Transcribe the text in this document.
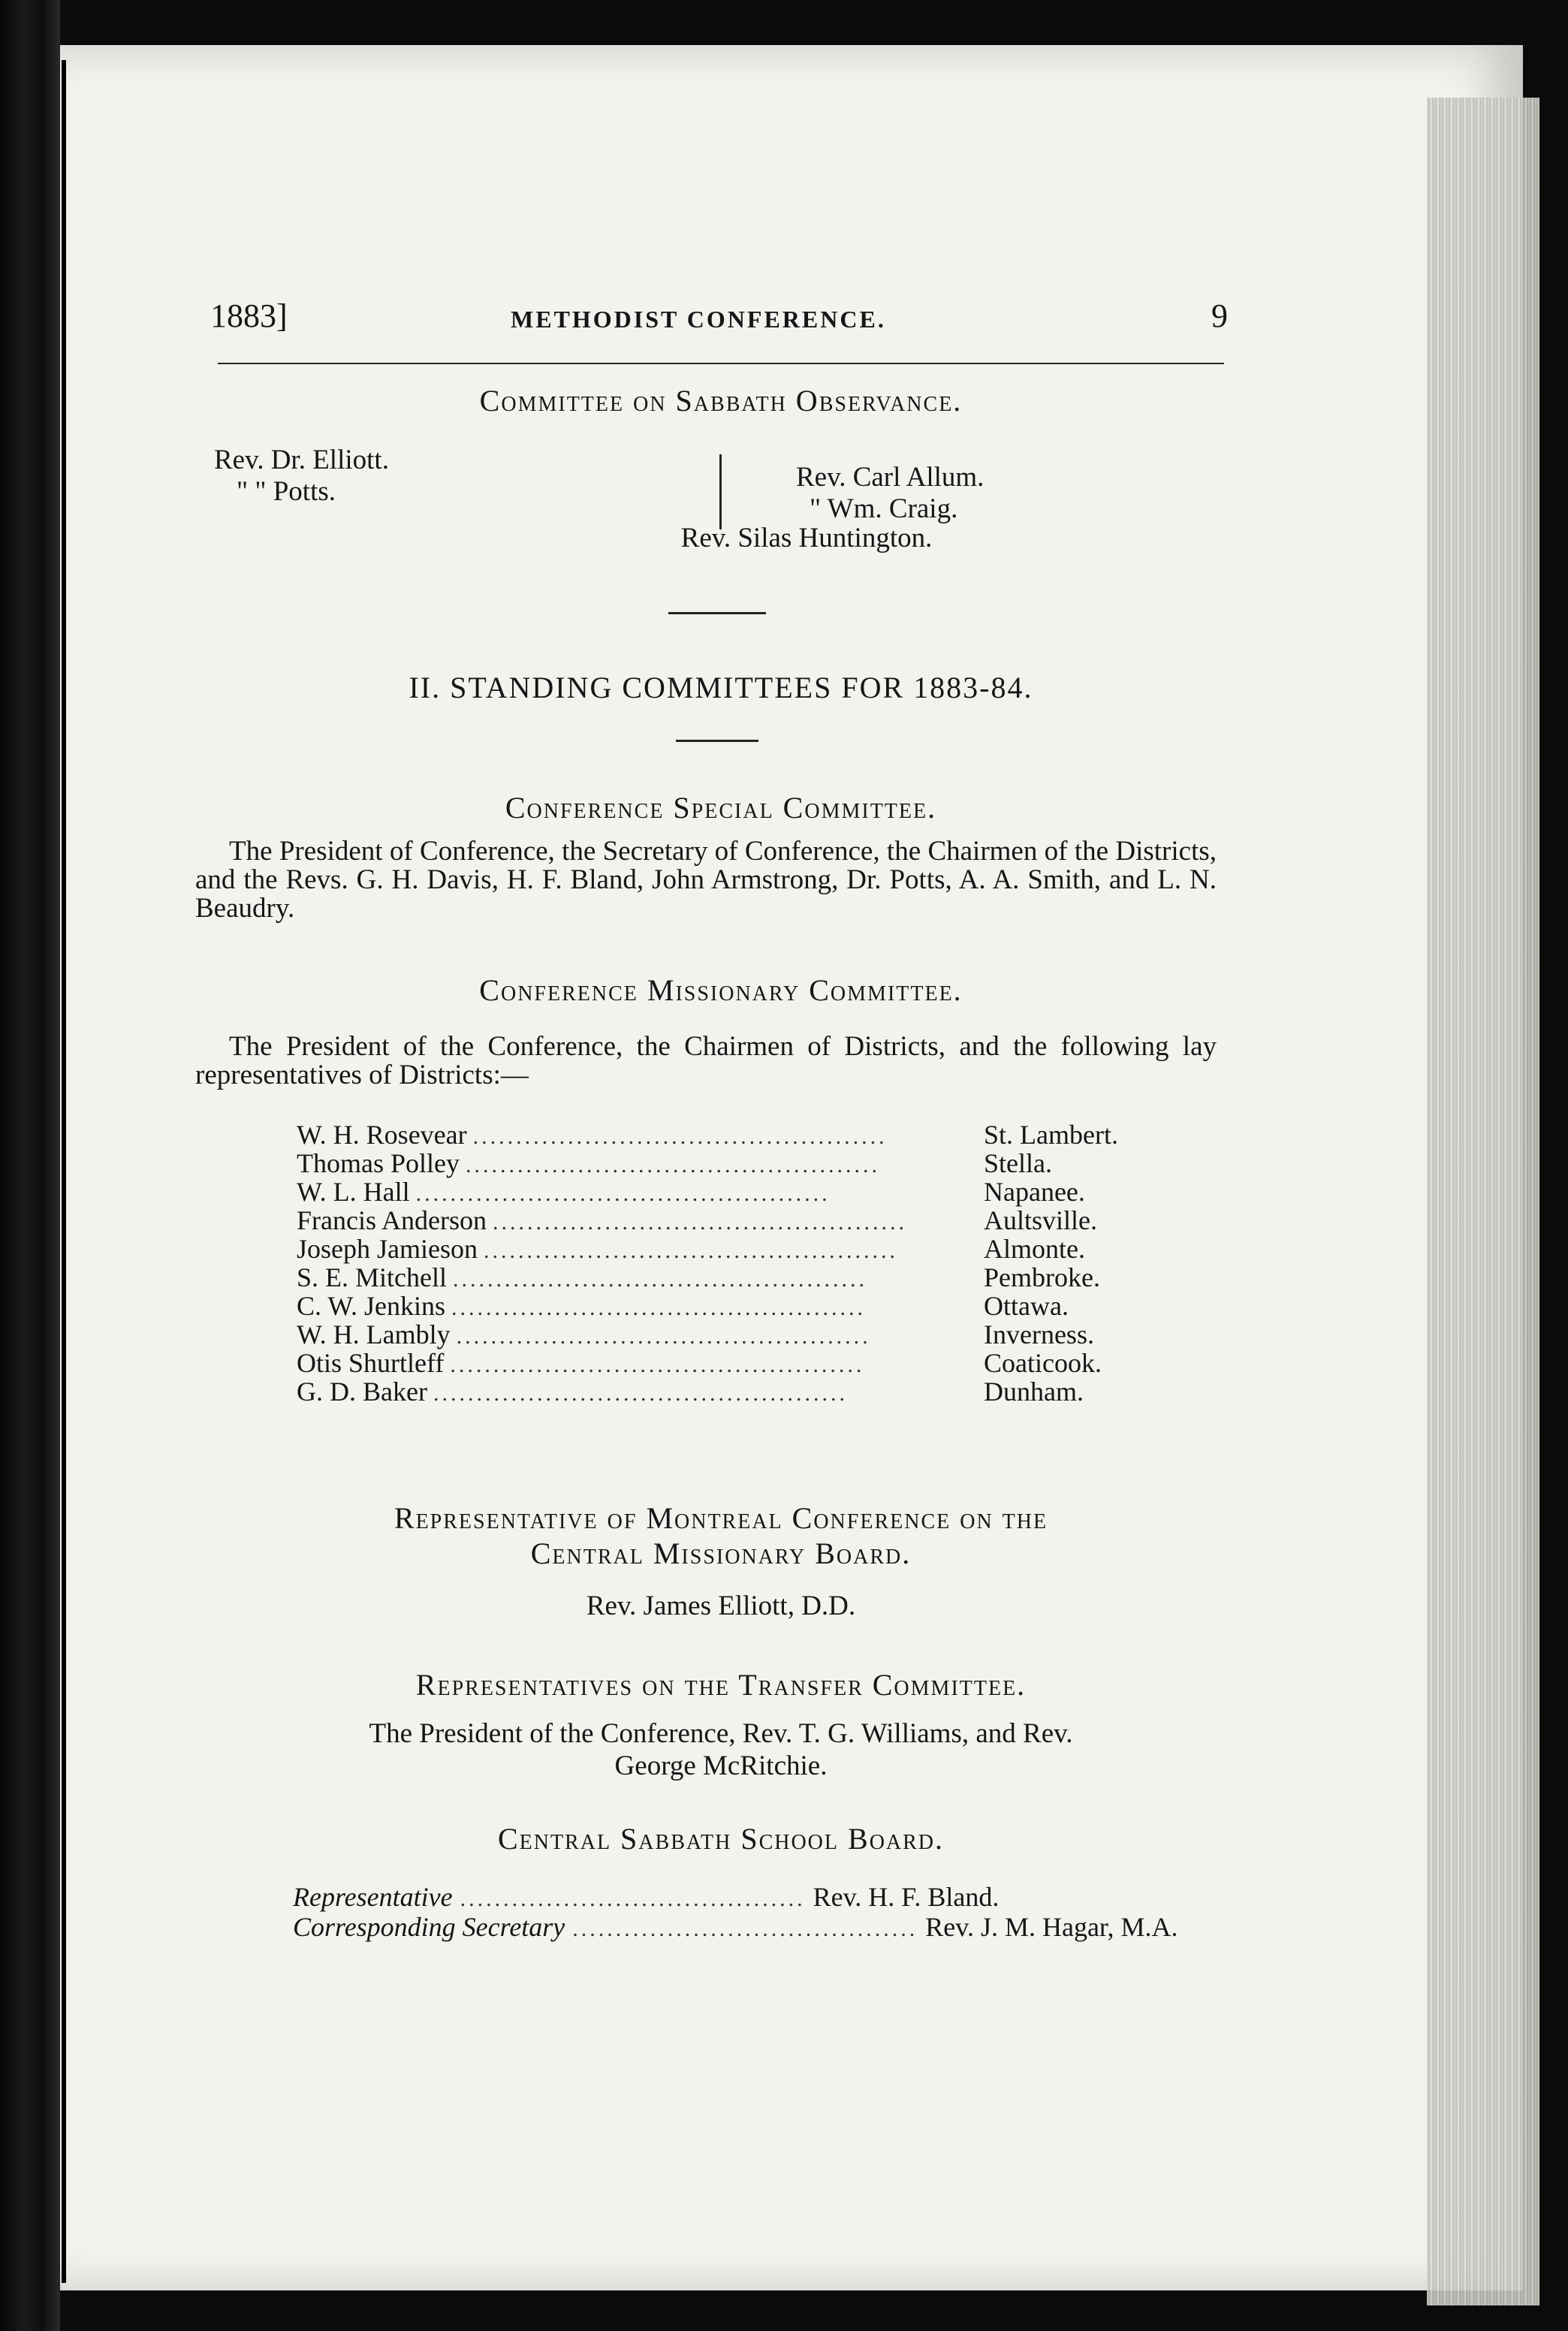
1883]	METHODIST CONFERENCE.	9
Committee on Sabbath Observance.
Rev. Dr. Elliott.
" " Potts.	Rev. Carl Allum.
" Wm. Craig.
Rev. Silas Huntington.
II. STANDING COMMITTEES FOR 1883-84.
Conference Special Committee.
The President of Conference, the Secretary of Conference, the Chairmen of the Districts, and the Revs. G. H. Davis, H. F. Bland, John Armstrong, Dr. Potts, A. A. Smith, and L. N. Beaudry.
Conference Missionary Committee.
The President of the Conference, the Chairmen of Districts, and the following lay representatives of Districts:—
W. H. Rosevear ................................................	St. Lambert.
Thomas Polley ................................................	Stella.
W. L. Hall ................................................	Napanee.
Francis Anderson ................................................	Aultsville.
Joseph Jamieson ................................................	Almonte.
S. E. Mitchell ................................................	Pembroke.
C. W. Jenkins ................................................	Ottawa.
W. H. Lambly ................................................	Inverness.
Otis Shurtleff ................................................	Coaticook.
G. D. Baker ................................................	Dunham.
Representative of Montreal Conference on the
Central Missionary Board.
Rev. James Elliott, D.D.
Representatives on the Transfer Committee.
The President of the Conference, Rev. T. G. Williams, and Rev.
George McRitchie.
Central Sabbath School Board.
Representative ........................................ Rev. H. F. Bland.
Corresponding Secretary ........................................ Rev. J. M. Hagar, M.A.
